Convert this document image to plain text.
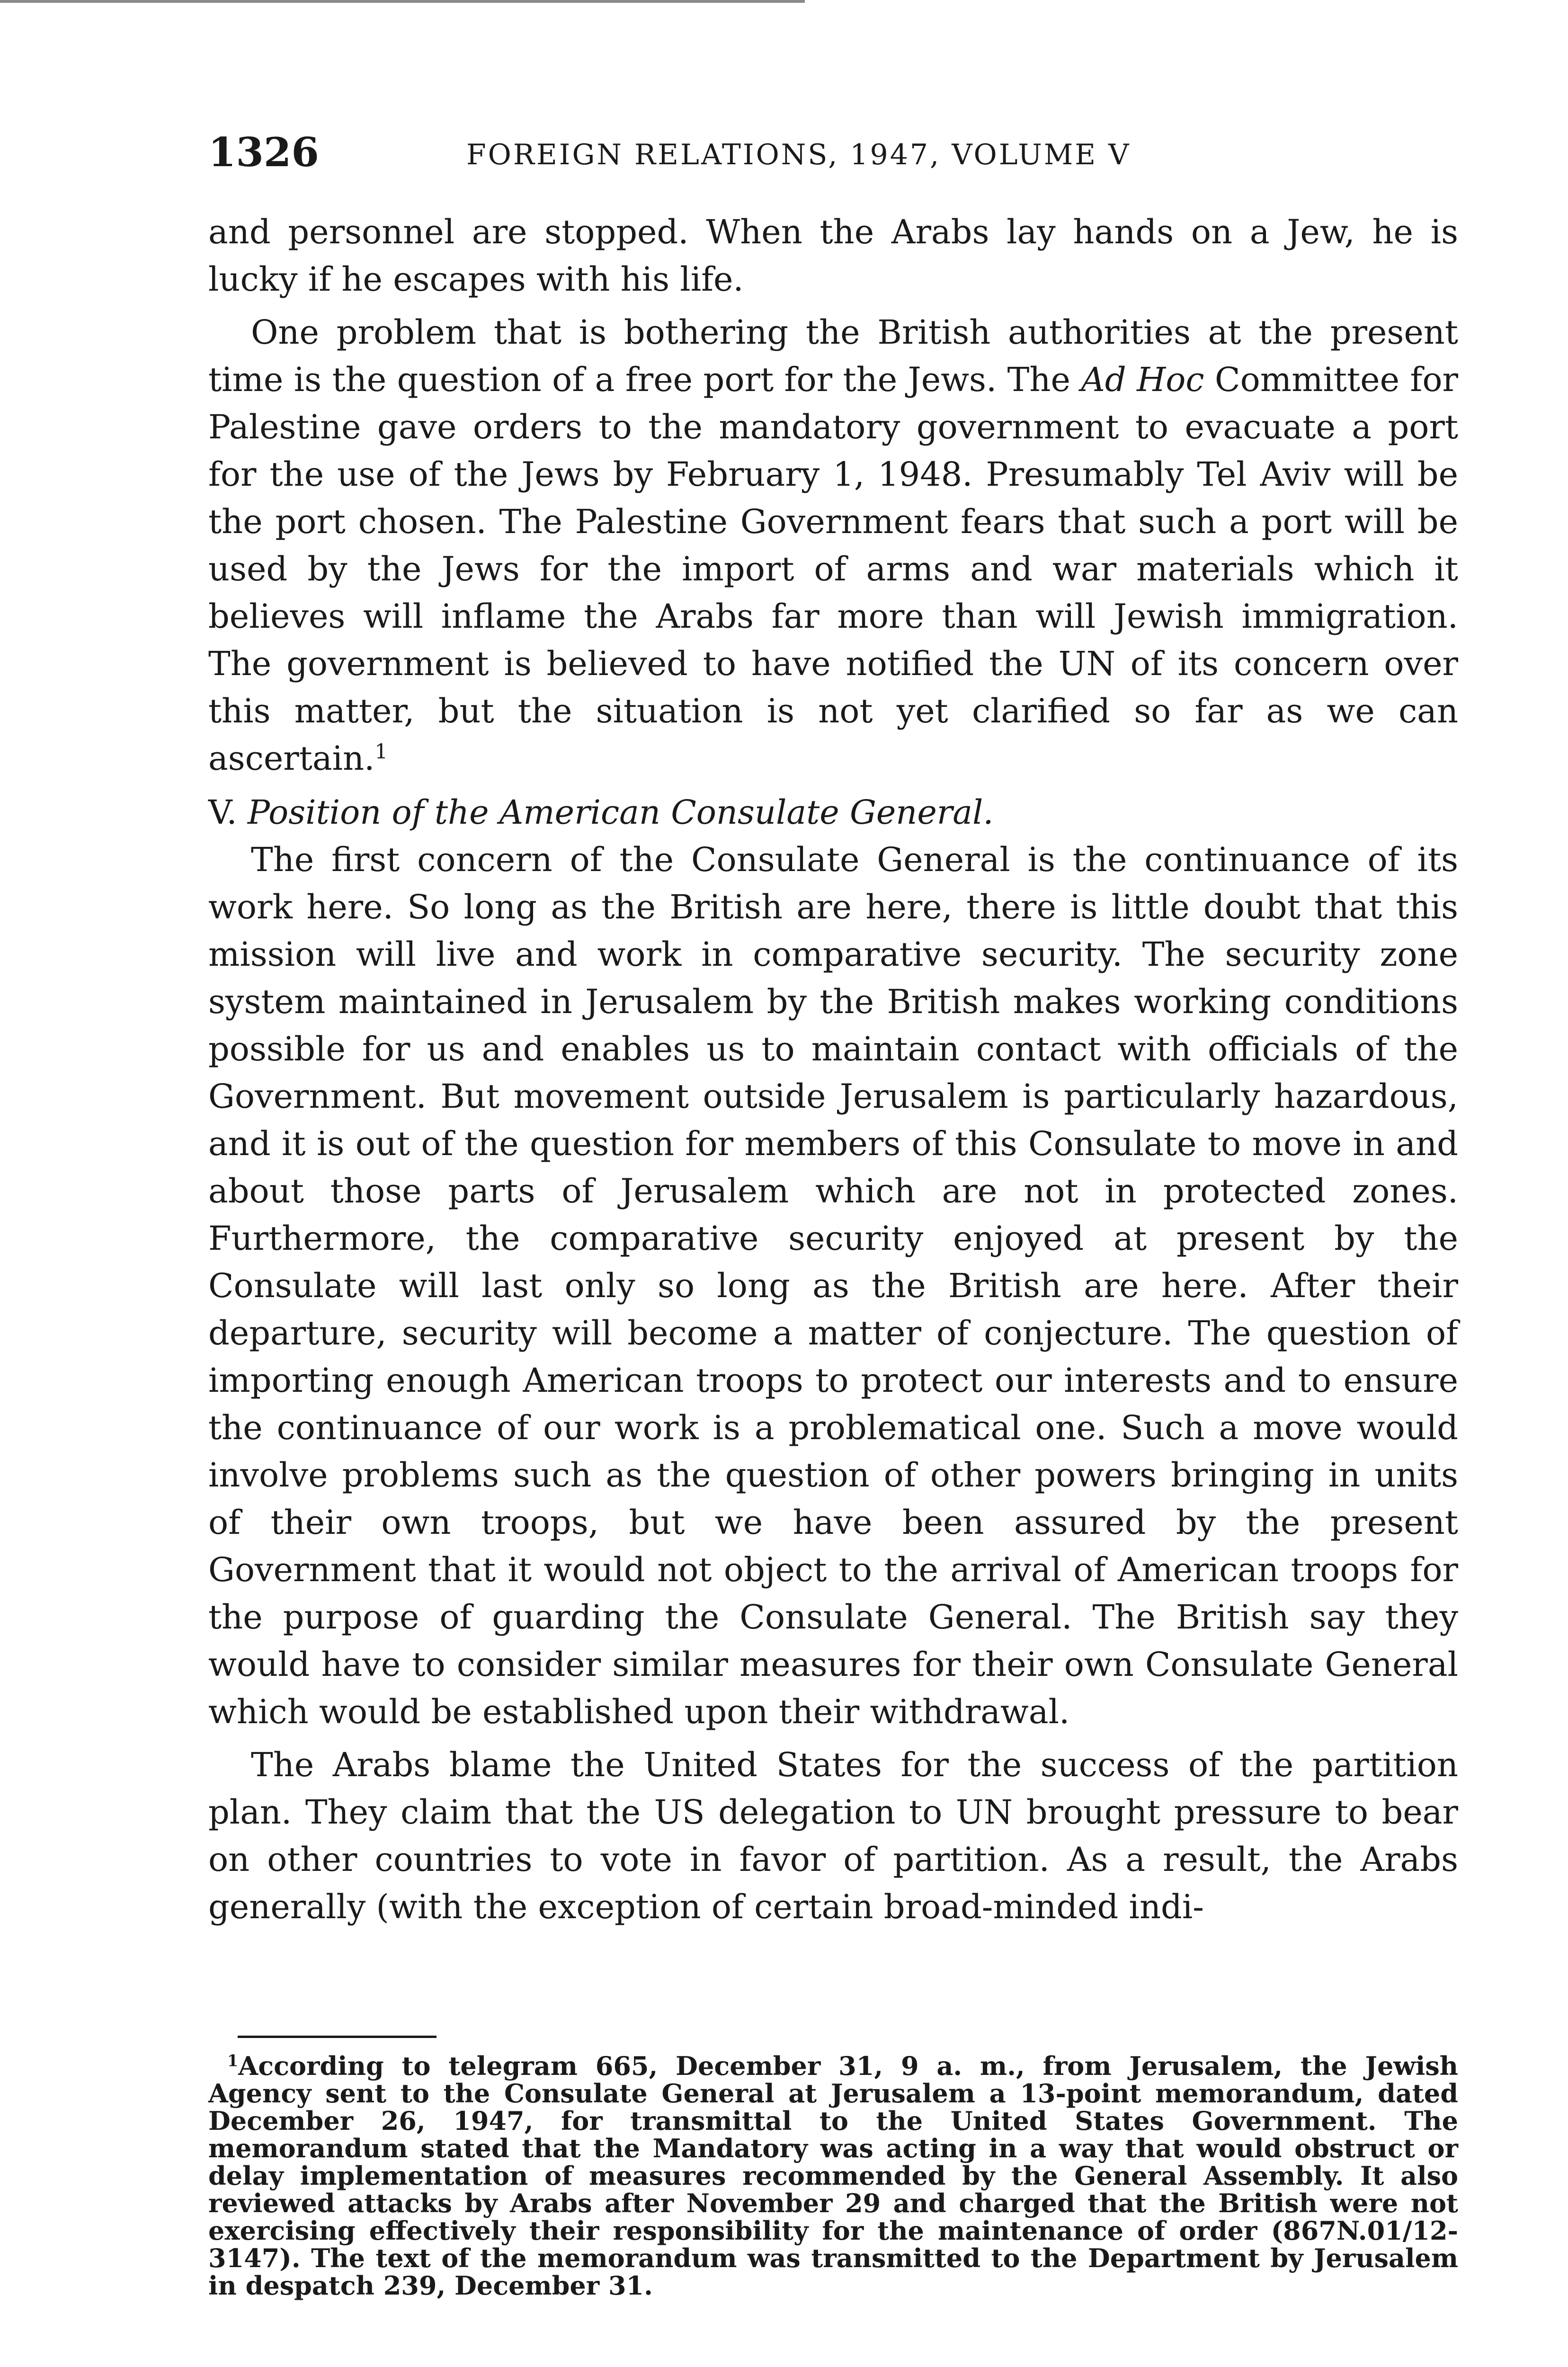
1326	FOREIGN RELATIONS, 1947, VOLUME V

and personnel are stopped. When the Arabs lay hands on a Jew, he is lucky if he escapes with his life.

One problem that is bothering the British authorities at the present time is the question of a free port for the Jews. The Ad Hoc Committee for Palestine gave orders to the mandatory government to evacuate a port for the use of the Jews by February 1, 1948. Presumably Tel Aviv will be the port chosen. The Palestine Government fears that such a port will be used by the Jews for the import of arms and war materials which it believes will inflame the Arabs far more than will Jewish immigration. The government is believed to have notified the UN of its concern over this matter, but the situation is not yet clarified so far as we can ascertain.$^1$

V. Position of the American Consulate General.

The first concern of the Consulate General is the continuance of its work here. So long as the British are here, there is little doubt that this mission will live and work in comparative security. The security zone system maintained in Jerusalem by the British makes working conditions possible for us and enables us to maintain contact with officials of the Government. But movement outside Jerusalem is particularly hazardous, and it is out of the question for members of this Consulate to move in and about those parts of Jerusalem which are not in protected zones. Furthermore, the comparative security enjoyed at present by the Consulate will last only so long as the British are here. After their departure, security will become a matter of conjecture. The question of importing enough American troops to protect our interests and to ensure the continuance of our work is a problematical one. Such a move would involve problems such as the question of other powers bringing in units of their own troops, but we have been assured by the present Government that it would not object to the arrival of American troops for the purpose of guarding the Consulate General. The British say they would have to consider similar measures for their own Consulate General which would be established upon their withdrawal.

The Arabs blame the United States for the success of the partition plan. They claim that the US delegation to UN brought pressure to bear on other countries to vote in favor of partition. As a result, the Arabs generally (with the exception of certain broad-minded indi-

$^1$According to telegram 665, December 31, 9 a. m., from Jerusalem, the Jewish Agency sent to the Consulate General at Jerusalem a 13-point memorandum, dated December 26, 1947, for transmittal to the United States Government. The memorandum stated that the Mandatory was acting in a way that would obstruct or delay implementation of measures recommended by the General Assembly. It also reviewed attacks by Arabs after November 29 and charged that the British were not exercising effectively their responsibility for the maintenance of order (867N.01/12-3147). The text of the memorandum was transmitted to the Department by Jerusalem in despatch 239, December 31.
